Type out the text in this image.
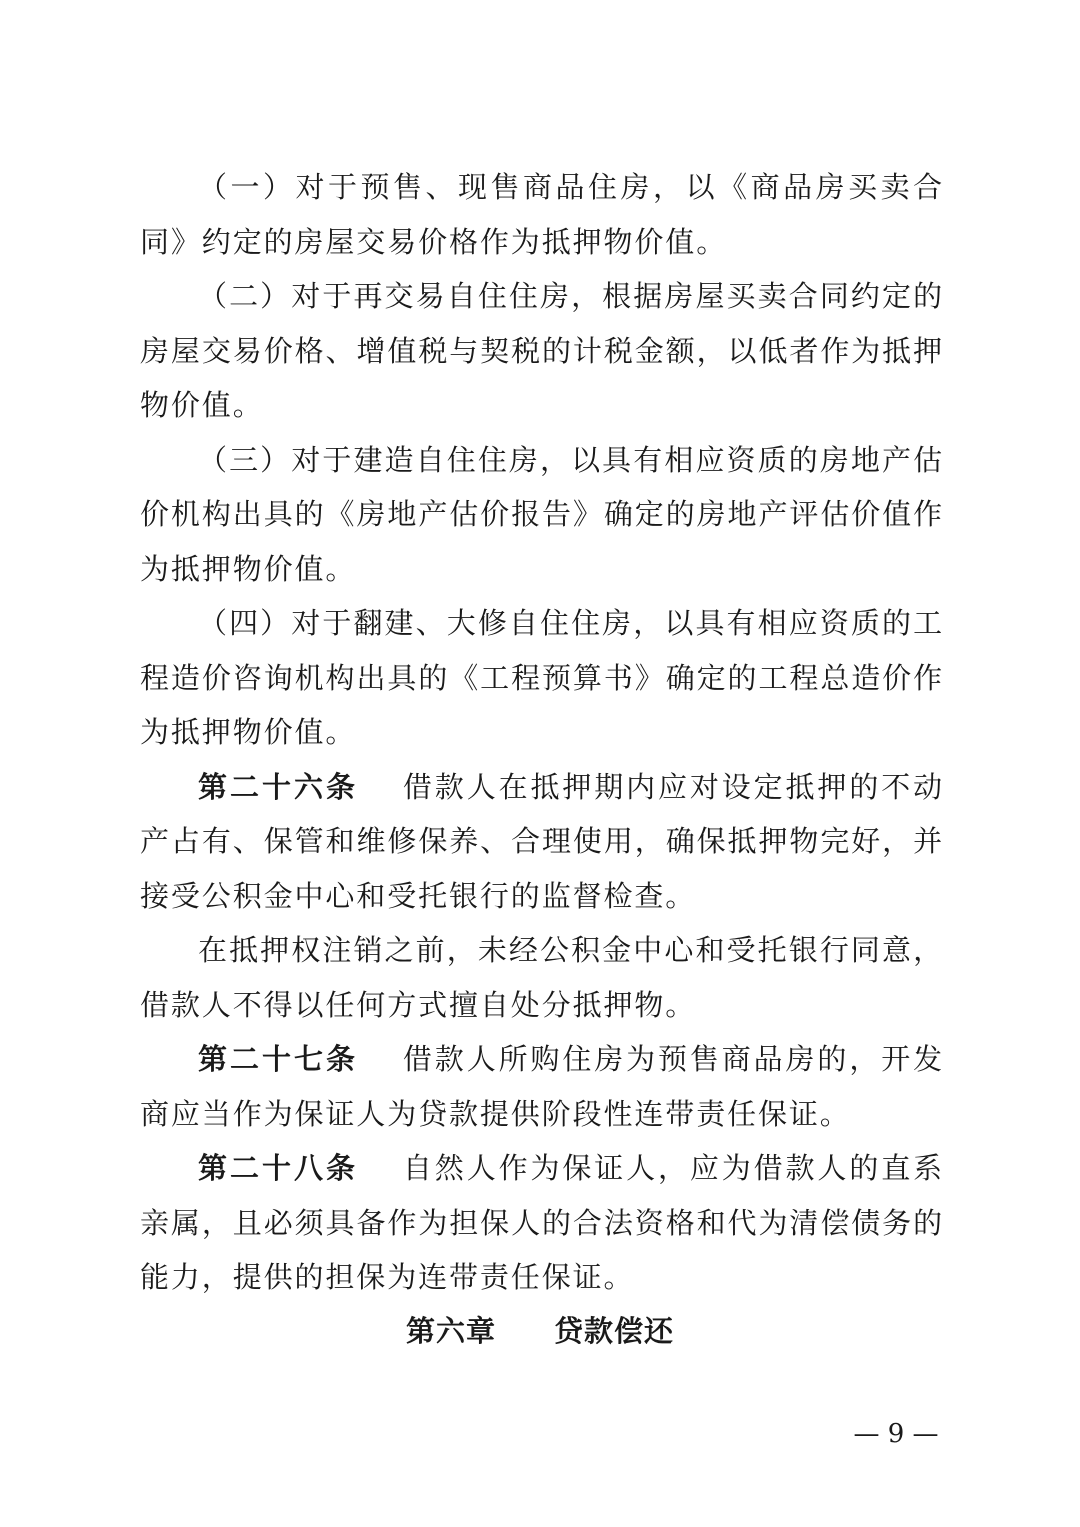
（一）对于预售、现售商品住房，以《商品房买卖合同》约定的房屋交易价格作为抵押物价值。

（二）对于再交易自住住房，根据房屋买卖合同约定的房屋交易价格、增值税与契税的计税金额，以低者作为抵押物价值。

（三）对于建造自住住房，以具有相应资质的房地产估价机构出具的《房地产估价报告》确定的房地产评估价值作为抵押物价值。

（四）对于翻建、大修自住住房，以具有相应资质的工程造价咨询机构出具的《工程预算书》确定的工程总造价作为抵押物价值。

第二十六条 借款人在抵押期内应对设定抵押的不动产占有、保管和维修保养、合理使用，确保抵押物完好，并接受公积金中心和受托银行的监督检查。

在抵押权注销之前，未经公积金中心和受托银行同意，借款人不得以任何方式擅自处分抵押物。

第二十七条 借款人所购住房为预售商品房的，开发商应当作为保证人为贷款提供阶段性连带责任保证。

第二十八条 自然人作为保证人，应为借款人的直系亲属，且必须具备作为担保人的合法资格和代为清偿债务的能力，提供的担保为连带责任保证。

第六章 贷款偿还
— 9 —
